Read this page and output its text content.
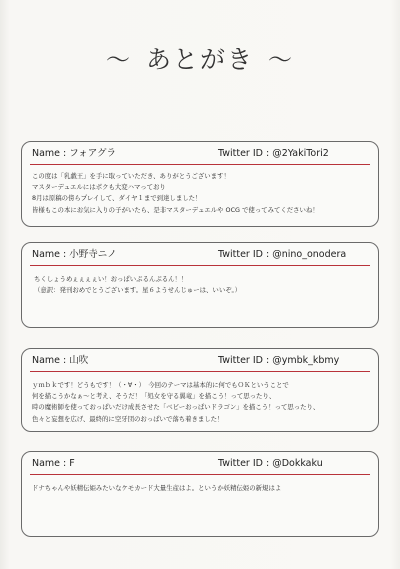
〜 あとがき 〜
Name : フォアグラ	Twitter ID : @2YakiTori2
この度は「乳戯王」を手に取っていただき、ありがとうございます！
マスターデュエルにはボクも大変ハマっており
8月は原稿の傍らプレイして、ダイヤ１まで到達しました！
皆様もこの本にお気に入りの子がいたら、是非マスターデュエルや OCG で使ってみてくださいね！
Name : 小野寺ニノ	Twitter ID : @nino_onodera
ちくしょうめぇぇぇぇい！おっぱいぷるんぷるん！！
（意訳：発刊おめでとうございます。星６ようせんじゅーは、いいぞ。）
Name : 山吹	Twitter ID : @ymbk_kbmy
ｙｍｂｋです！どうもです！（・∀・）　今回のテーマは基本的に何でもＯＫということで
何を描こうかなぁ～と考え、そうだ！「処女を守る翼竜」を描こう！って思ったり、
時の魔術師を使っておっぱいだけ成長させた「ベビーおっぱいドラゴン」を描こう！って思ったり、
色々と妄想を広げ、最終的に空牙団のおっぱいで落ち着きました！
Name : F	Twitter ID : @Dokkaku
ドナちゃんや妖精伝姫みたいなケモカード大量生産はよ。というか妖精伝姫の新規はよ
